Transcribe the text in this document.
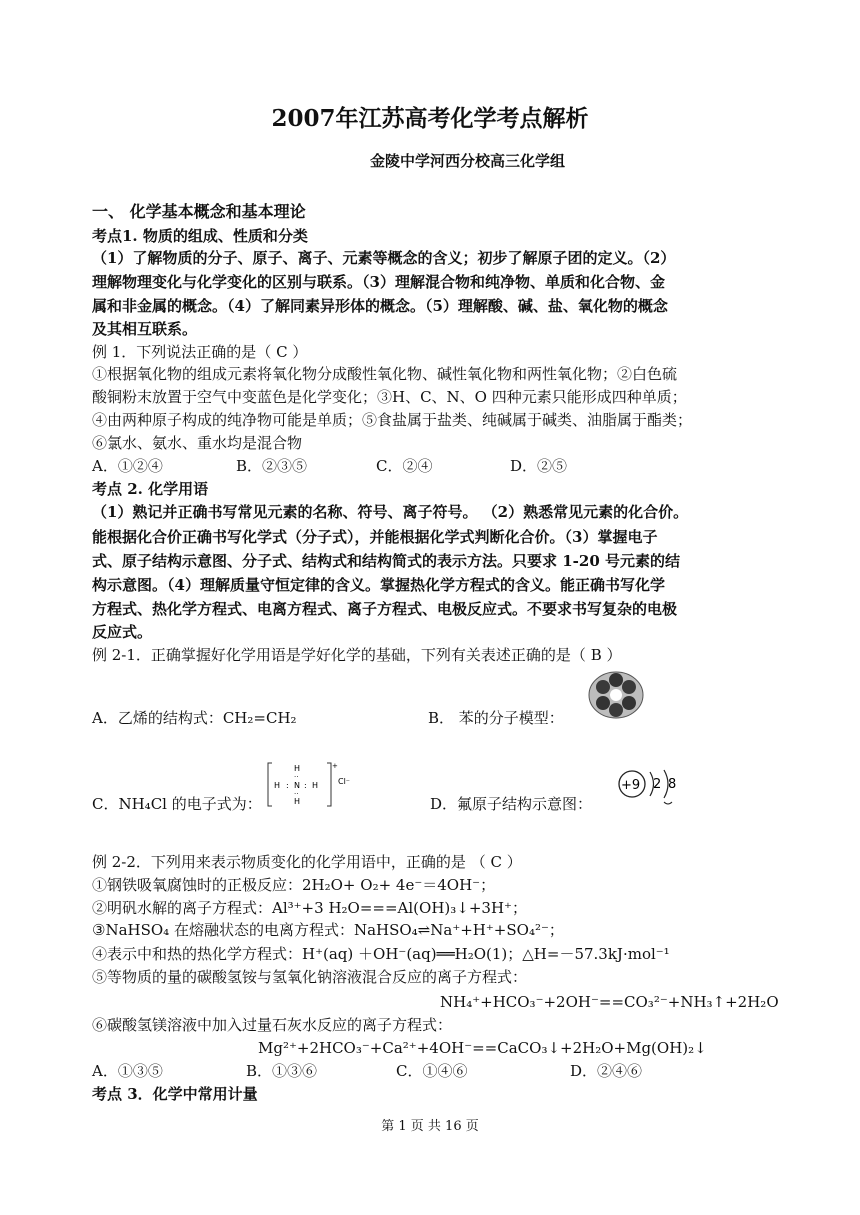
2007年江苏高考化学考点解析
金陵中学河西分校高三化学组
一、 化学基本概念和基本理论
考点1. 物质的组成、性质和分类
（1）了解物质的分子、原子、离子、元素等概念的含义；初步了解原子团的定义。（2）
理解物理变化与化学变化的区别与联系。（3）理解混合物和纯净物、单质和化合物、金
属和非金属的概念。（4）了解同素异形体的概念。（5）理解酸、碱、盐、氧化物的概念
及其相互联系。
例 1．下列说法正确的是（ C ）
①根据氧化物的组成元素将氧化物分成酸性氧化物、碱性氧化物和两性氧化物；②白色硫
酸铜粉末放置于空气中变蓝色是化学变化；③H、C、N、O 四种元素只能形成四种单质；
④由两种原子构成的纯净物可能是单质；⑤食盐属于盐类、纯碱属于碱类、油脂属于酯类；
⑥氯水、氨水、重水均是混合物
A．①②④	B．②③⑤	C．②④	D．②⑤
考点 2. 化学用语
（1）熟记并正确书写常见元素的名称、符号、离子符号。 （2）熟悉常见元素的化合价。
能根据化合价正确书写化学式（分子式），并能根据化学式判断化合价。（3）掌握电子
式、原子结构示意图、分子式、结构式和结构简式的表示方法。只要求 1-20 号元素的结
构示意图。（4）理解质量守恒定律的含义。掌握热化学方程式的含义。能正确书写化学
方程式、热化学方程式、电离方程式、离子方程式、电极反应式。不要求书写复杂的电极
反应式。
例 2-1．正确掌握好化学用语是学好化学的基础，下列有关表述正确的是（ B ）
A．乙烯的结构式：CH₂=CH₂	B． 苯的分子模型：
C．NH₄Cl 的电子式为：
H
H
H : N : H
+
Cl⁻
··
··
D．氟原子结构示意图：
+9 2 8
例 2-2．下列用来表示物质变化的化学用语中，正确的是 （ C ）
①钢铁吸氧腐蚀时的正极反应：2H₂O+ O₂+ 4e⁻＝4OH⁻；
②明矾水解的离子方程式：Al³⁺+3 H₂O===Al(OH)₃↓+3H⁺；
③NaHSO₄ 在熔融状态的电离方程式：NaHSO₄⇌Na⁺+H⁺+SO₄²⁻；
④表示中和热的热化学方程式：H⁺(aq) ＋OH⁻(aq)══H₂O(1)；△H=－57.3kJ·mol⁻¹
⑤等物质的量的碳酸氢铵与氢氧化钠溶液混合反应的离子方程式：
NH₄⁺+HCO₃⁻+2OH⁻==CO₃²⁻+NH₃↑+2H₂O
⑥碳酸氢镁溶液中加入过量石灰水反应的离子方程式：
Mg²⁺+2HCO₃⁻+Ca²⁺+4OH⁻==CaCO₃↓+2H₂O+Mg(OH)₂↓
A．①③⑤	B．①③⑥	C．①④⑥	D．②④⑥
考点 3．化学中常用计量
第 1 页 共 16 页
